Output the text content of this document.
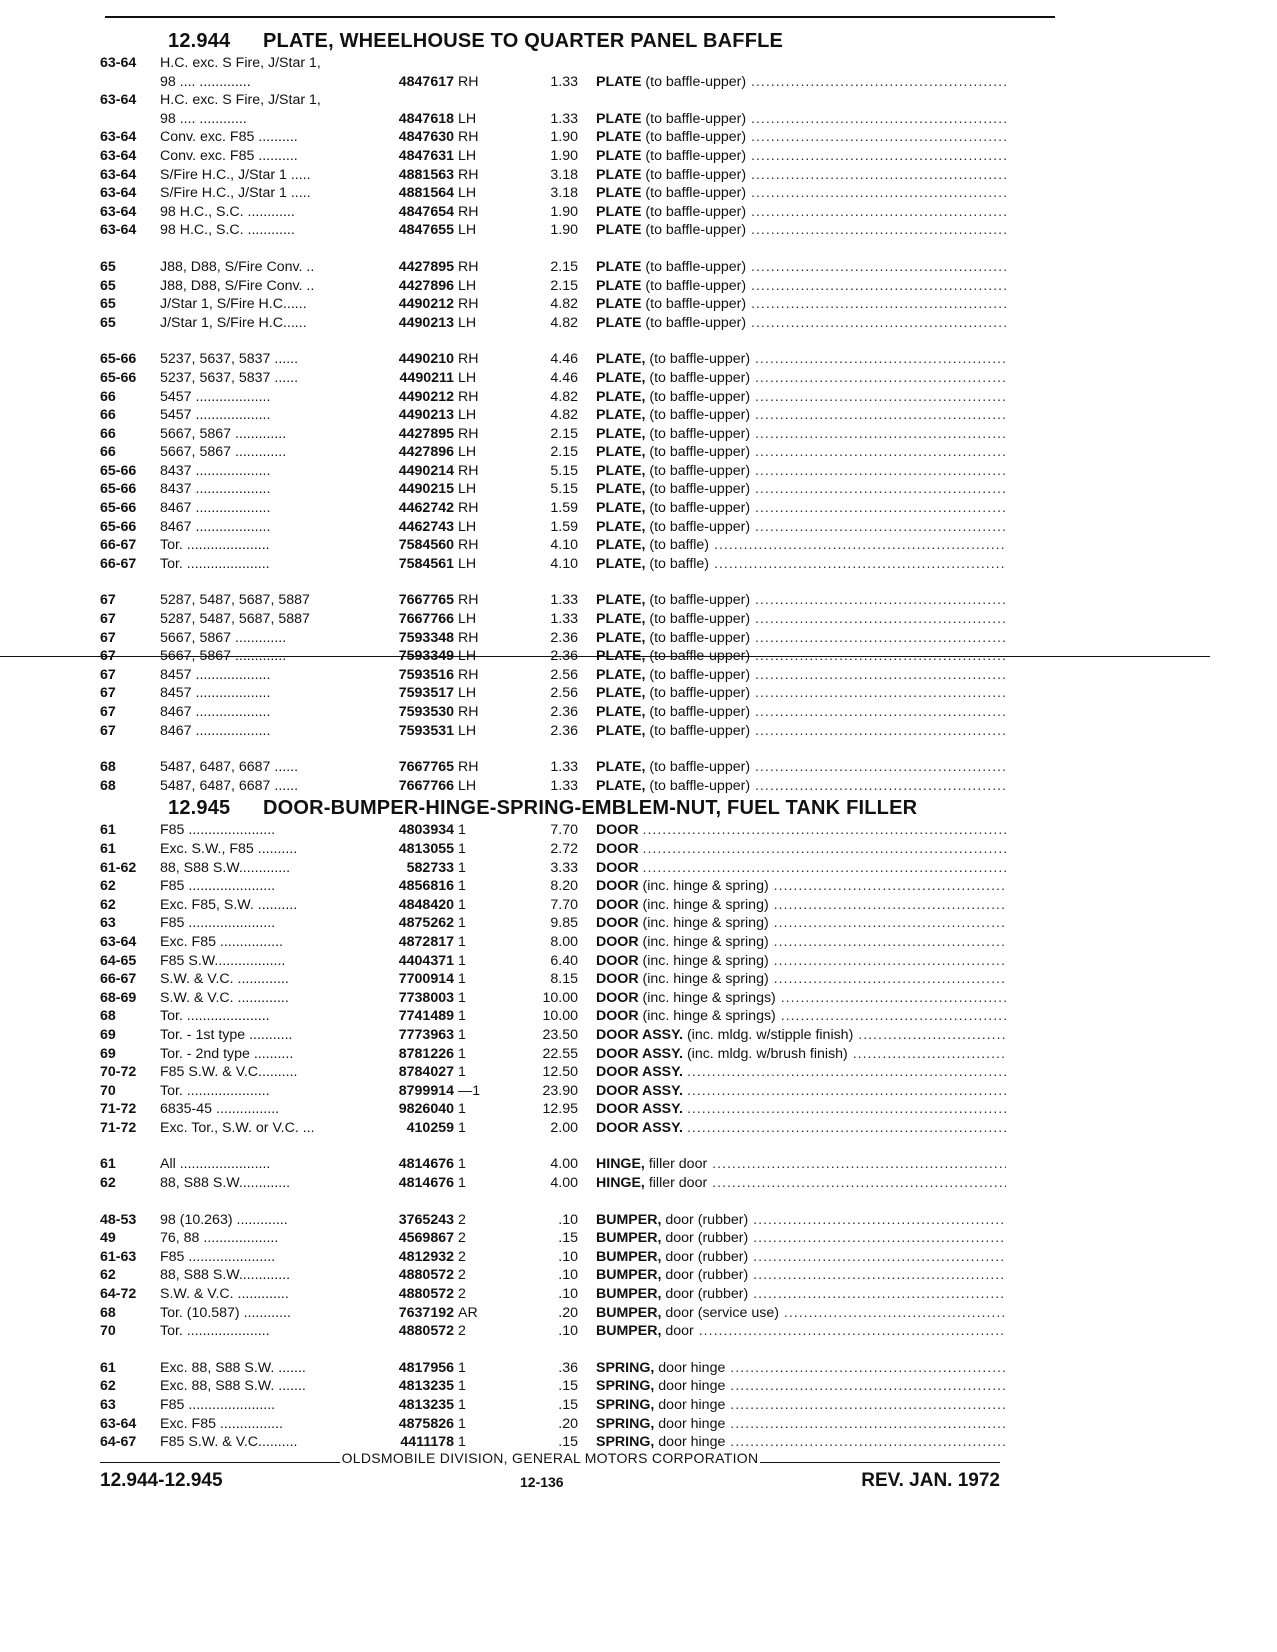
12.944 PLATE, WHEELHOUSE TO QUARTER PANEL BAFFLE
63-64	H.C. exc. S Fire, J/Star 1,
98 .... .............	4847617 RH	1.33 PLATE (to baffle-upper) .....
63-64	H.C. exc. S Fire, J/Star 1,
98 .... ............	4847618 LH	1.33 PLATE (to baffle-upper) .....
63-64	Conv. exc. F85 ..........	4847630 RH	1.90 PLATE (to baffle-upper) .....
63-64	Conv. exc. F85 ..........	4847631 LH	1.90 PLATE (to baffle-upper) .....
63-64	S/Fire H.C., J/Star 1 .....	4881563 RH	3.18 PLATE (to baffle-upper) .....
63-64	S/Fire H.C., J/Star 1 .....	4881564 LH	3.18 PLATE (to baffle-upper) .....
63-64	98 H.C., S.C. ............	4847654 RH	1.90 PLATE (to baffle-upper) .....
63-64	98 H.C., S.C. ............	4847655 LH	1.90 PLATE (to baffle-upper) .....
65	J88, D88, S/Fire Conv. ..	4427895 RH	2.15 PLATE (to baffle-upper) .....
65	J88, D88, S/Fire Conv. ..	4427896 LH	2.15 PLATE (to baffle-upper) .....
65	J/Star 1, S/Fire H.C......	4490212 RH	4.82 PLATE (to baffle-upper) .....
65	J/Star 1, S/Fire H.C......	4490213 LH	4.82 PLATE (to baffle-upper) .....
65-66	5237, 5637, 5837 ......	4490210 RH	4.46 PLATE, (to baffle-upper) .....
65-66	5237, 5637, 5837 ......	4490211 LH	4.46 PLATE, (to baffle-upper) .....
66	5457 ...................	4490212 RH	4.82 PLATE, (to baffle-upper) .....
66	5457 ...................	4490213 LH	4.82 PLATE, (to baffle-upper) .....
66	5667, 5867 .............	4427895 RH	2.15 PLATE, (to baffle-upper) .....
66	5667, 5867 .............	4427896 LH	2.15 PLATE, (to baffle-upper) .....
65-66	8437 ...................	4490214 RH	5.15 PLATE, (to baffle-upper) .....
65-66	8437 ...................	4490215 LH	5.15 PLATE, (to baffle-upper) .....
65-66	8467 ...................	4462742 RH	1.59 PLATE, (to baffle-upper) .....
65-66	8467 ...................	4462743 LH	1.59 PLATE, (to baffle-upper) .....
66-67	Tor. .....................	7584560 RH	4.10 PLATE, (to baffle) .....
66-67	Tor. .....................	7584561 LH	4.10 PLATE, (to baffle) .....
67	5287, 5487, 5687, 5887	7667765 RH	1.33 PLATE, (to baffle-upper) .....
67	5287, 5487, 5687, 5887	7667766 LH	1.33 PLATE, (to baffle-upper) .....
67	5667, 5867 .............	7593348 RH	2.36 PLATE, (to baffle-upper) .....
67	5667, 5867 .............	7593349 LH	2.36 PLATE, (to baffle-upper) .....
67	8457 ...................	7593516 RH	2.56 PLATE, (to baffle-upper) .....
67	8457 ...................	7593517 LH	2.56 PLATE, (to baffle-upper) .....
67	8467 ...................	7593530 RH	2.36 PLATE, (to baffle-upper) .....
67	8467 ...................	7593531 LH	2.36 PLATE, (to baffle-upper) .....
68	5487, 6487, 6687 ......	7667765 RH	1.33 PLATE, (to baffle-upper) .....
68	5487, 6487, 6687 ......	7667766 LH	1.33 PLATE, (to baffle-upper) .....
12.945 DOOR-BUMPER-HINGE-SPRING-EMBLEM-NUT, FUEL TANK FILLER
61	F85 ......................	4803934 1	7.70 DOOR .....
61	Exc. S.W., F85 ..........	4813055 1	2.72 DOOR .....
61-62	88, S88 S.W.............	582733 1	3.33 DOOR .....
62	F85 ......................	4856816 1	8.20 DOOR (inc. hinge & spring) .....
62	Exc. F85, S.W. ..........	4848420 1	7.70 DOOR (inc. hinge & spring) .....
63	F85 ......................	4875262 1	9.85 DOOR (inc. hinge & spring) .....
63-64	Exc. F85 ................	4872817 1	8.00 DOOR (inc. hinge & spring) .....
64-65	F85 S.W..................	4404371 1	6.40 DOOR (inc. hinge & spring) .....
66-67	S.W. & V.C. .............	7700914 1	8.15 DOOR (inc. hinge & spring) .....
68-69	S.W. & V.C. .............	7738003 1	10.00 DOOR (inc. hinge & springs) .....
68	Tor. .....................	7741489 1	10.00 DOOR (inc. hinge & springs) .....
69	Tor. - 1st type ...........	7773963 1	23.50 DOOR ASSY. (inc. mldg. w/stipple finish) .....
69	Tor. - 2nd type ..........	8781226 1	22.55 DOOR ASSY. (inc. mldg. w/brush finish) .....
70-72	F85 S.W. & V.C..........	8784027 1	12.50 DOOR ASSY. .....
70	Tor. .....................	8799914 —1	23.90 DOOR ASSY. .....
71-72	6835-45 ................	9826040 1	12.95 DOOR ASSY. .....
71-72	Exc. Tor., S.W. or V.C. ...	410259 1	2.00 DOOR ASSY. .....
61	All .......................	4814676 1	4.00 HINGE, filler door .....
62	88, S88 S.W.............	4814676 1	4.00 HINGE, filler door .....
48-53	98 (10.263) .............	3765243 2	.10 BUMPER, door (rubber) .....
49	76, 88 ...................	4569867 2	.15 BUMPER, door (rubber) .....
61-63	F85 ......................	4812932 2	.10 BUMPER, door (rubber) .....
62	88, S88 S.W.............	4880572 2	.10 BUMPER, door (rubber) .....
64-72	S.W. & V.C. .............	4880572 2	.10 BUMPER, door (rubber) .....
68	Tor. (10.587) ............	7637192 AR	.20 BUMPER, door (service use) .....
70	Tor. .....................	4880572 2	.10 BUMPER, door .....
61	Exc. 88, S88 S.W. .......	4817956 1	.36 SPRING, door hinge .....
62	Exc. 88, S88 S.W. .......	4813235 1	.15 SPRING, door hinge .....
63	F85 ......................	4813235 1	.15 SPRING, door hinge .....
63-64	Exc. F85 ................	4875826 1	.20 SPRING, door hinge .....
64-67	F85 S.W. & V.C..........	4411178 1	.15 SPRING, door hinge .....
OLDSMOBILE DIVISION, GENERAL MOTORS CORPORATION
12.944-12.945	12-136	REV. JAN. 1972
